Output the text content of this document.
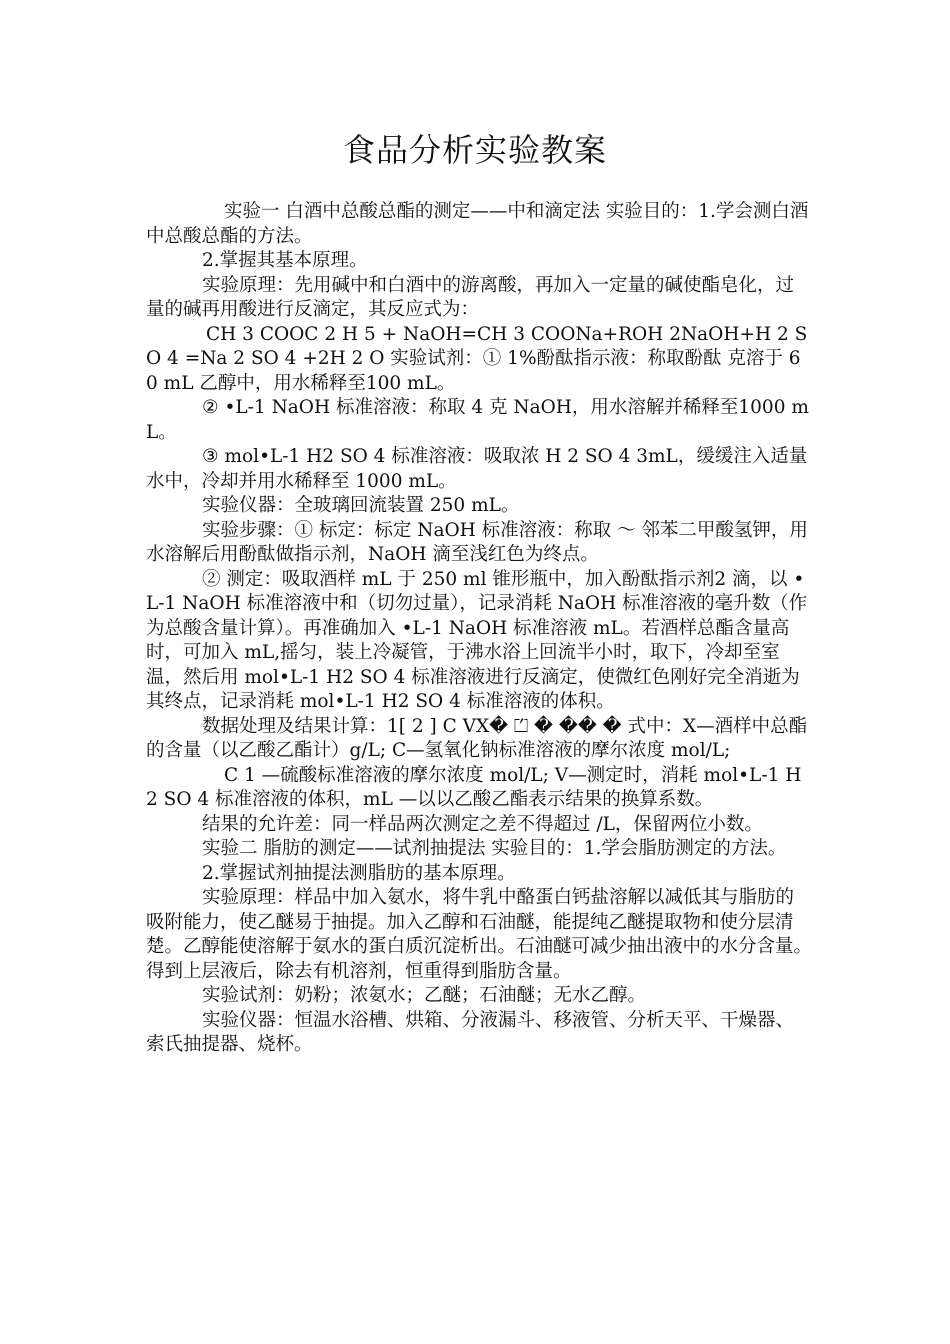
食品分析实验教案

实验一 白酒中总酸总酯的测定——中和滴定法 实验目的：1.学会测白酒中总酸总酯的方法。

2.掌握其基本原理。

实验原理：先用碱中和白酒中的游离酸，再加入一定量的碱使酯皂化，过量的碱再用酸进行反滴定，其反应式为：

CH 3 COOC 2 H 5 + NaOH=CH 3 COONa+ROH 2NaOH+H 2 SO 4 =Na 2 SO 4 +2H 2 O 实验试剂：① 1%酚酞指示液：称取酚酞 克溶于 60 mL 乙醇中，用水稀释至100 mL。

② •L-1 NaOH 标准溶液：称取 4 克 NaOH，用水溶解并稀释至1000 mL。

③ mol•L-1 H2 SO 4 标准溶液：吸取浓 H 2 SO 4 3mL，缓缓注入适量水中，冷却并用水稀释至 1000 mL。

实验仪器：全玻璃回流装置 250 mL。

实验步骤：① 标定：标定 NaOH 标准溶液：称取 ～ 邻苯二甲酸氢钾，用水溶解后用酚酞做指示剂，NaOH 滴至浅红色为终点。

② 测定：吸取酒样 mL 于 250 ml 锥形瓶中，加入酚酞指示剂2 滴，以 •L-1 NaOH 标准溶液中和（切勿过量），记录消耗 NaOH 标准溶液的毫升数（作为总酸含量计算）。再准确加入 •L-1 NaOH 标准溶液 mL。若酒样总酯含量高时，可加入 mL,摇匀，装上冷凝管，于沸水浴上回流半小时，取下，冷却至室温，然后用 mol•L-1 H2 SO 4 标准溶液进行反滴定，使微红色刚好完全消逝为其终点，记录消耗 mol•L-1 H2 SO 4 标准溶液的体积。

数据处理及结果计算：1[ 2 ] C VX� ⏍ � �� � 式中：X—酒样中总酯的含量（以乙酸乙酯计）g/L; C—氢氧化钠标准溶液的摩尔浓度 mol/L;

C 1 —硫酸标准溶液的摩尔浓度 mol/L; V—测定时，消耗 mol•L-1 H2 SO 4 标准溶液的体积，mL —以以乙酸乙酯表示结果的换算系数。

结果的允许差：同一样品两次测定之差不得超过 /L，保留两位小数。

实验二 脂肪的测定——试剂抽提法 实验目的：1.学会脂肪测定的方法。

2.掌握试剂抽提法测脂肪的基本原理。

实验原理：样品中加入氨水，将牛乳中酪蛋白钙盐溶解以减低其与脂肪的吸附能力，使乙醚易于抽提。加入乙醇和石油醚，能提纯乙醚提取物和使分层清楚。乙醇能使溶解于氨水的蛋白质沉淀析出。石油醚可减少抽出液中的水分含量。得到上层液后，除去有机溶剂，恒重得到脂肪含量。

实验试剂：奶粉；浓氨水；乙醚；石油醚；无水乙醇。

实验仪器：恒温水浴槽、烘箱、分液漏斗、移液管、分析天平、干燥器、索氏抽提器、烧杯。
